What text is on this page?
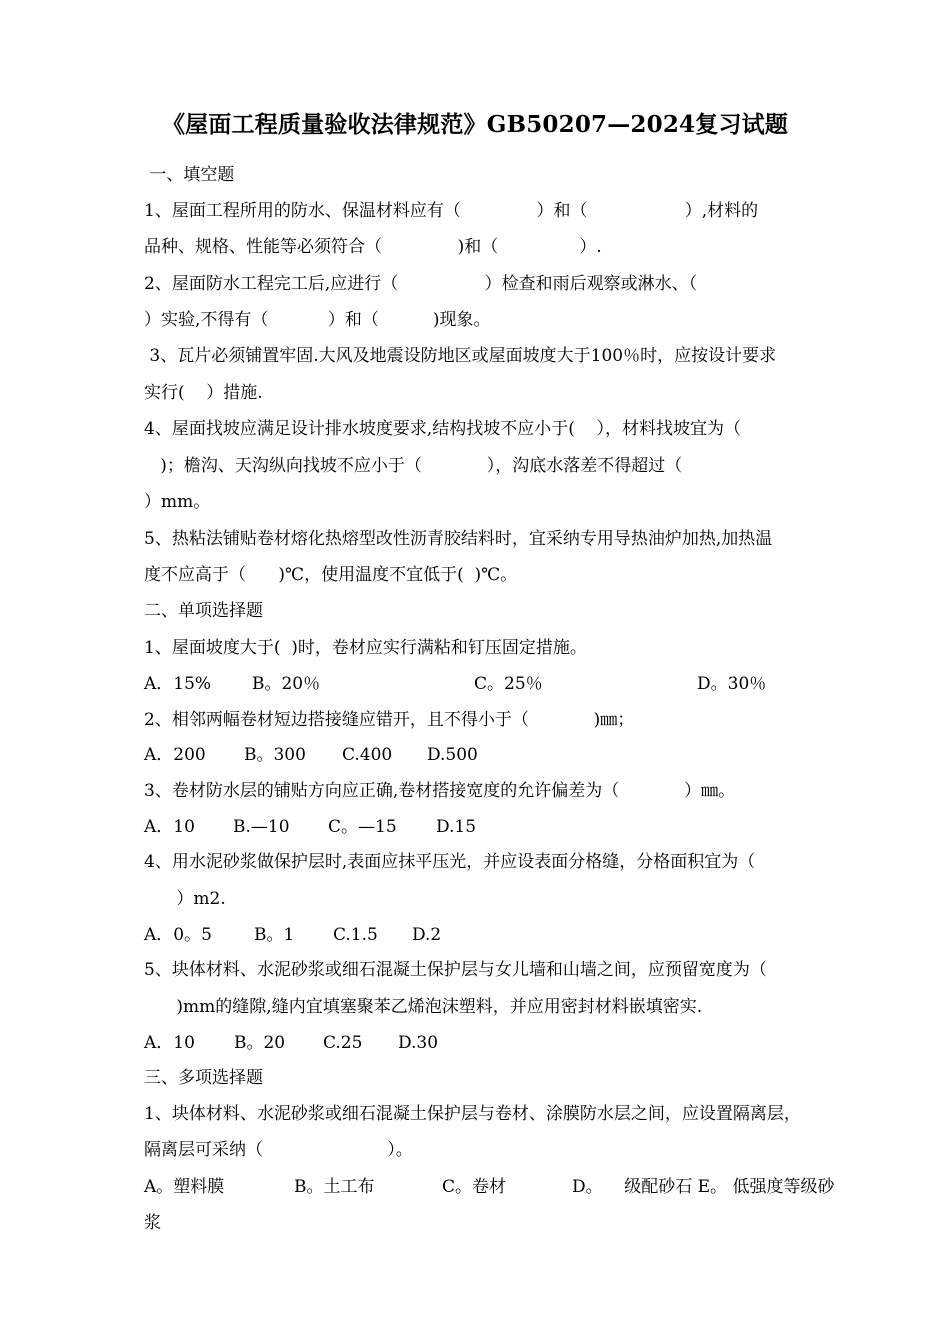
《屋面工程质量验收法律规范》GB50207—2024复习试题
一、填空题
1、屋面工程所用的防水、保温材料应有（              ）和（                  ）,材料的
品种、规格、性能等必须符合（              )和（               ）.
2、屋面防水工程完工后,应进行（                ）检查和雨后观察或淋水、（
）实验,不得有（           ）和（          )现象。
3、瓦片必须铺置牢固.大风及地震设防地区或屋面坡度大于100％时，应按设计要求
实行(    ）措施.
4、屋面找坡应满足设计排水坡度要求,结构找坡不应小于(    ），材料找坡宜为（
)；檐沟、天沟纵向找坡不应小于（            ），沟底水落差不得超过（
）mm。
5、热粘法铺贴卷材熔化热熔型改性沥青胶结料时，宜采纳专用导热油炉加热,加热温
度不应高于（      )℃，使用温度不宜低于(  )℃。
二、单项选择题
1、屋面坡度大于(  )时，卷材应实行满粘和钉压固定措施。

A．15%

B。20％

	C。25％

	D。30％

2、相邻两幅卷材短边搭接缝应错开，且不得小于（            )㎜；

A．200

B。300

C.400

D.500

3、卷材防水层的铺贴方向应正确,卷材搭接宽度的允许偏差为（            ）㎜。

A．10

B.—10

C。—15

D.15

4、用水泥砂浆做保护层时,表面应抹平压光，并应设表面分格缝，分格面积宜为（
）m2.

A．0。5

B。1

C.1.5

D.2

5、块体材料、水泥砂浆或细石混凝土保护层与女儿墙和山墙之间，应预留宽度为（
)mm的缝隙,缝内宜填塞聚苯乙烯泡沫塑料，并应用密封材料嵌填密实.

A．10

B。20

C.25

D.30

三、多项选择题
1、块体材料、水泥砂浆或细石混凝土保护层与卷材、涂膜防水层之间，应设置隔离层，
隔离层可采纳（                       ）。

A。塑料膜

	B。土工布

	C。卷材

	D。    级配砂石 E。 低强度等级砂

浆
